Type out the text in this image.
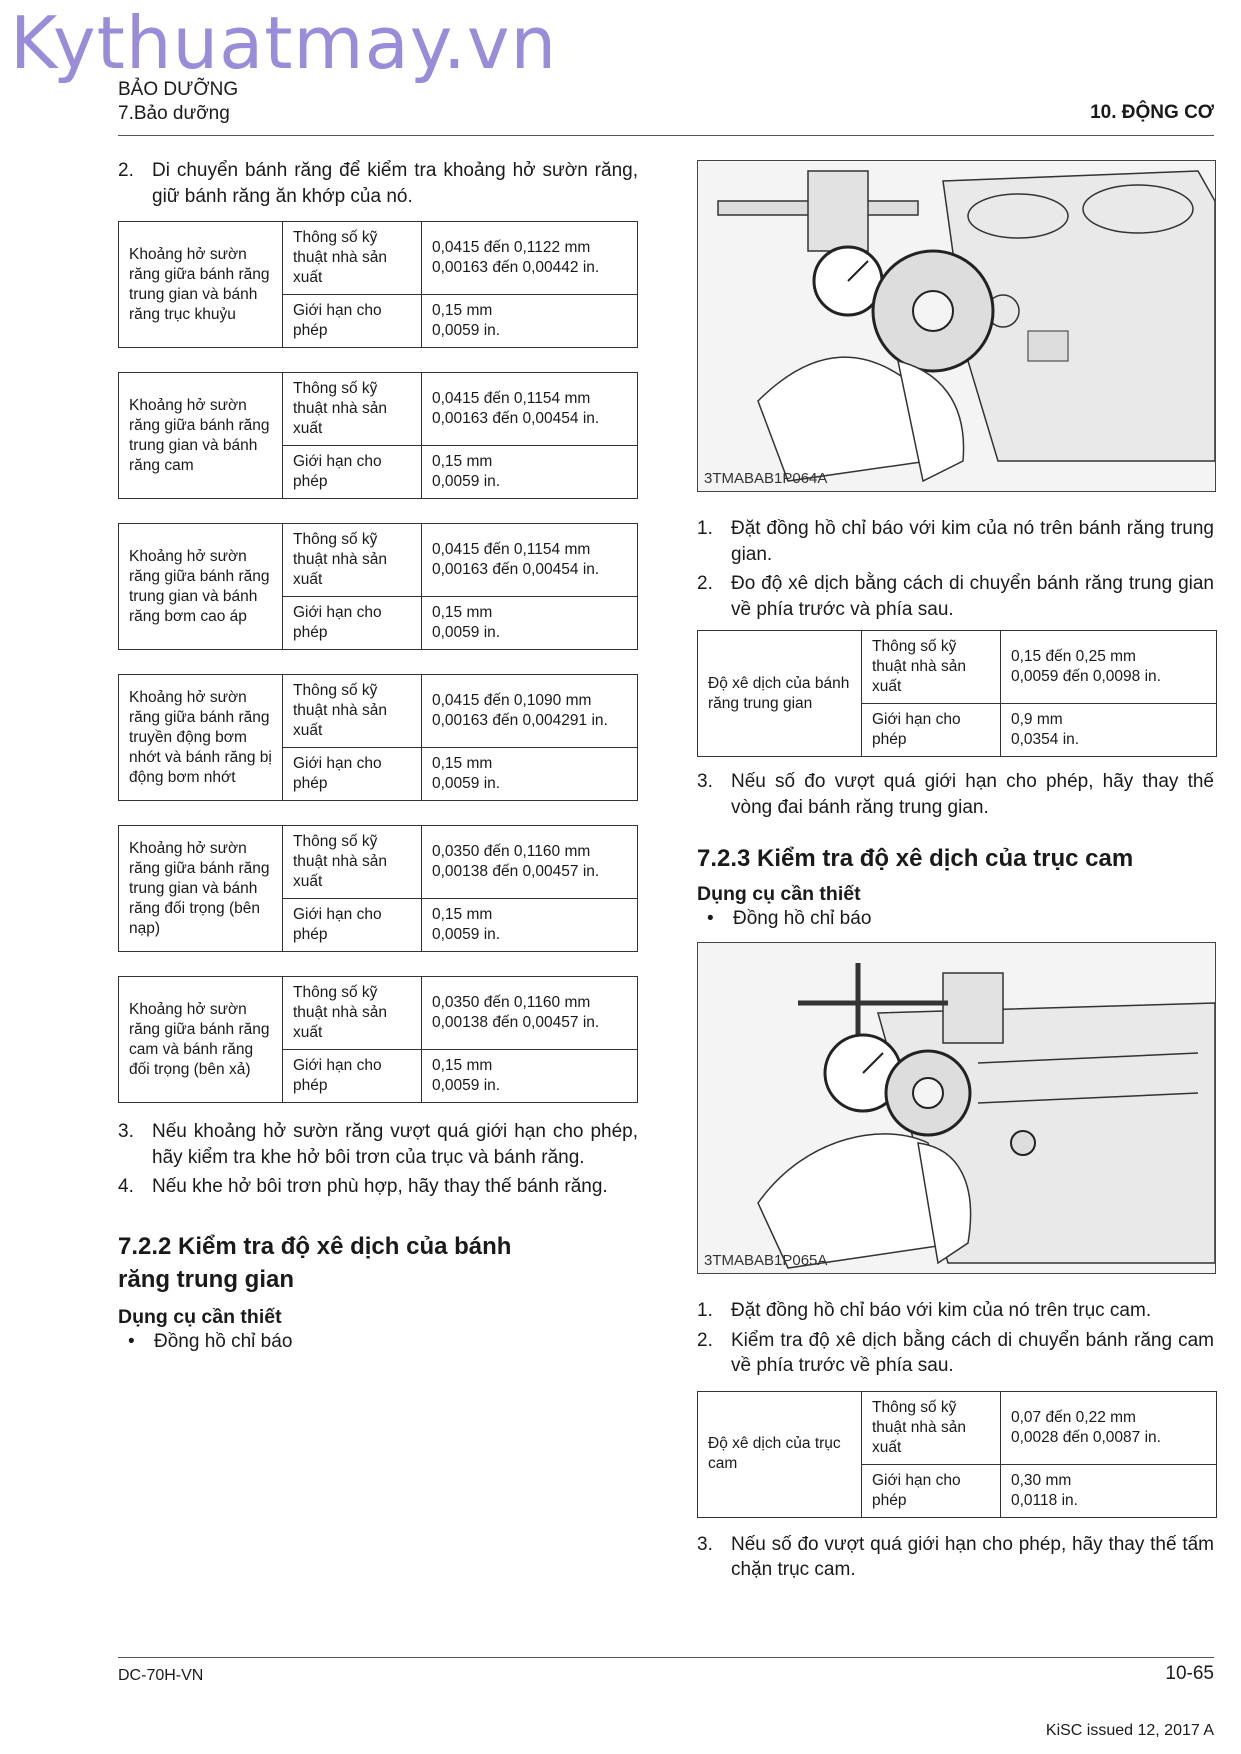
Kythuatmay.vn
BẢO DƯỠNG
7.Bảo dưỡng	10. ĐỘNG CƠ
2. Di chuyển bánh răng để kiểm tra khoảng hở sườn răng, giữ bánh răng ăn khớp của nó.
Khoảng hở sườn răng giữa bánh răng trung gian và bánh răng trục khuỷu	Thông số kỹ thuật nhà sản xuất	0,0415 đến 0,1122 mm
0,00163 đến 0,00442 in.

	Giới hạn cho phép	0,15 mm
0,0059 in.
Khoảng hở sườn răng giữa bánh răng trung gian và bánh răng cam	Thông số kỹ thuật nhà sản xuất	0,0415 đến 0,1154 mm
0,00163 đến 0,00454 in.

	Giới hạn cho phép	0,15 mm
0,0059 in.
Khoảng hở sườn răng giữa bánh răng trung gian và bánh răng bơm cao áp	Thông số kỹ thuật nhà sản xuất	0,0415 đến 0,1154 mm
0,00163 đến 0,00454 in.

	Giới hạn cho phép	0,15 mm
0,0059 in.
Khoảng hở sườn răng giữa bánh răng truyền động bơm nhớt và bánh răng bị động bơm nhớt	Thông số kỹ thuật nhà sản xuất	0,0415 đến 0,1090 mm
0,00163 đến 0,004291 in.

	Giới hạn cho phép	0,15 mm
0,0059 in.
Khoảng hở sườn răng giữa bánh răng trung gian và bánh răng đối trọng (bên nạp)	Thông số kỹ thuật nhà sản xuất	0,0350 đến 0,1160 mm
0,00138 đến 0,00457 in.

	Giới hạn cho phép	0,15 mm
0,0059 in.
Khoảng hở sườn răng giữa bánh răng cam và bánh răng đối trọng (bên xả)	Thông số kỹ thuật nhà sản xuất	0,0350 đến 0,1160 mm
0,00138 đến 0,00457 in.

	Giới hạn cho phép	0,15 mm
0,0059 in.
3. Nếu khoảng hở sườn răng vượt quá giới hạn cho phép, hãy kiểm tra khe hở bôi trơn của trục và bánh răng.
4. Nếu khe hở bôi trơn phù hợp, hãy thay thế bánh răng.
7.2.2 Kiểm tra độ xê dịch của bánh răng trung gian
Dụng cụ cần thiết
• Đồng hồ chỉ báo
3TMABAB1P064A
1. Đặt đồng hồ chỉ báo với kim của nó trên bánh răng trung gian.
2. Đo độ xê dịch bằng cách di chuyển bánh răng trung gian về phía trước và phía sau.
Độ xê dịch của bánh răng trung gian	Thông số kỹ thuật nhà sản xuất	0,15 đến 0,25 mm
0,0059 đến 0,0098 in.

	Giới hạn cho phép	0,9 mm
0,0354 in.
3. Nếu số đo vượt quá giới hạn cho phép, hãy thay thế vòng đai bánh răng trung gian.
7.2.3 Kiểm tra độ xê dịch của trục cam
Dụng cụ cần thiết
• Đồng hồ chỉ báo
3TMABAB1P065A
1. Đặt đồng hồ chỉ báo với kim của nó trên trục cam.
2. Kiểm tra độ xê dịch bằng cách di chuyển bánh răng cam về phía trước về phía sau.
Độ xê dịch của trục cam	Thông số kỹ thuật nhà sản xuất	0,07 đến 0,22 mm
0,0028 đến 0,0087 in.

	Giới hạn cho phép	0,30 mm
0,0118 in.
3. Nếu số đo vượt quá giới hạn cho phép, hãy thay thế tấm chặn trục cam.
DC-70H-VN	10-65
KiSC issued 12, 2017 A
